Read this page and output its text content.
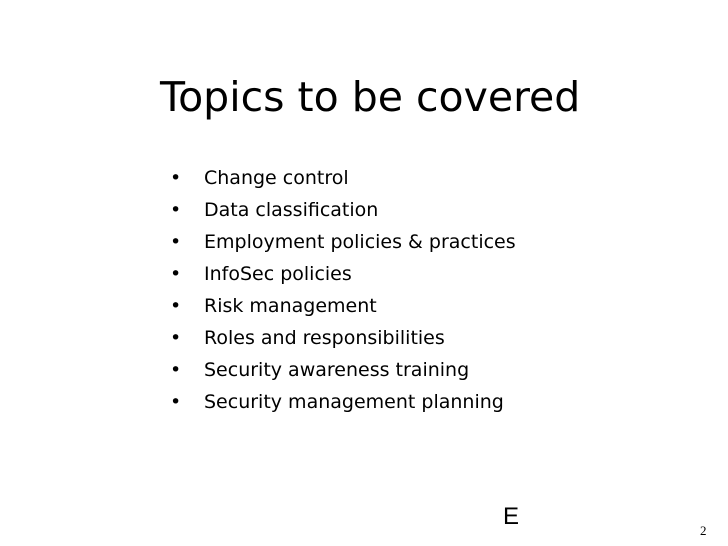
Topics to be covered
•	Change control
•	Data classification
•	Employment policies & practices
•	InfoSec policies
•	Risk management
•	Roles and responsibilities
•	Security awareness training
•	Security management planning
E
2
